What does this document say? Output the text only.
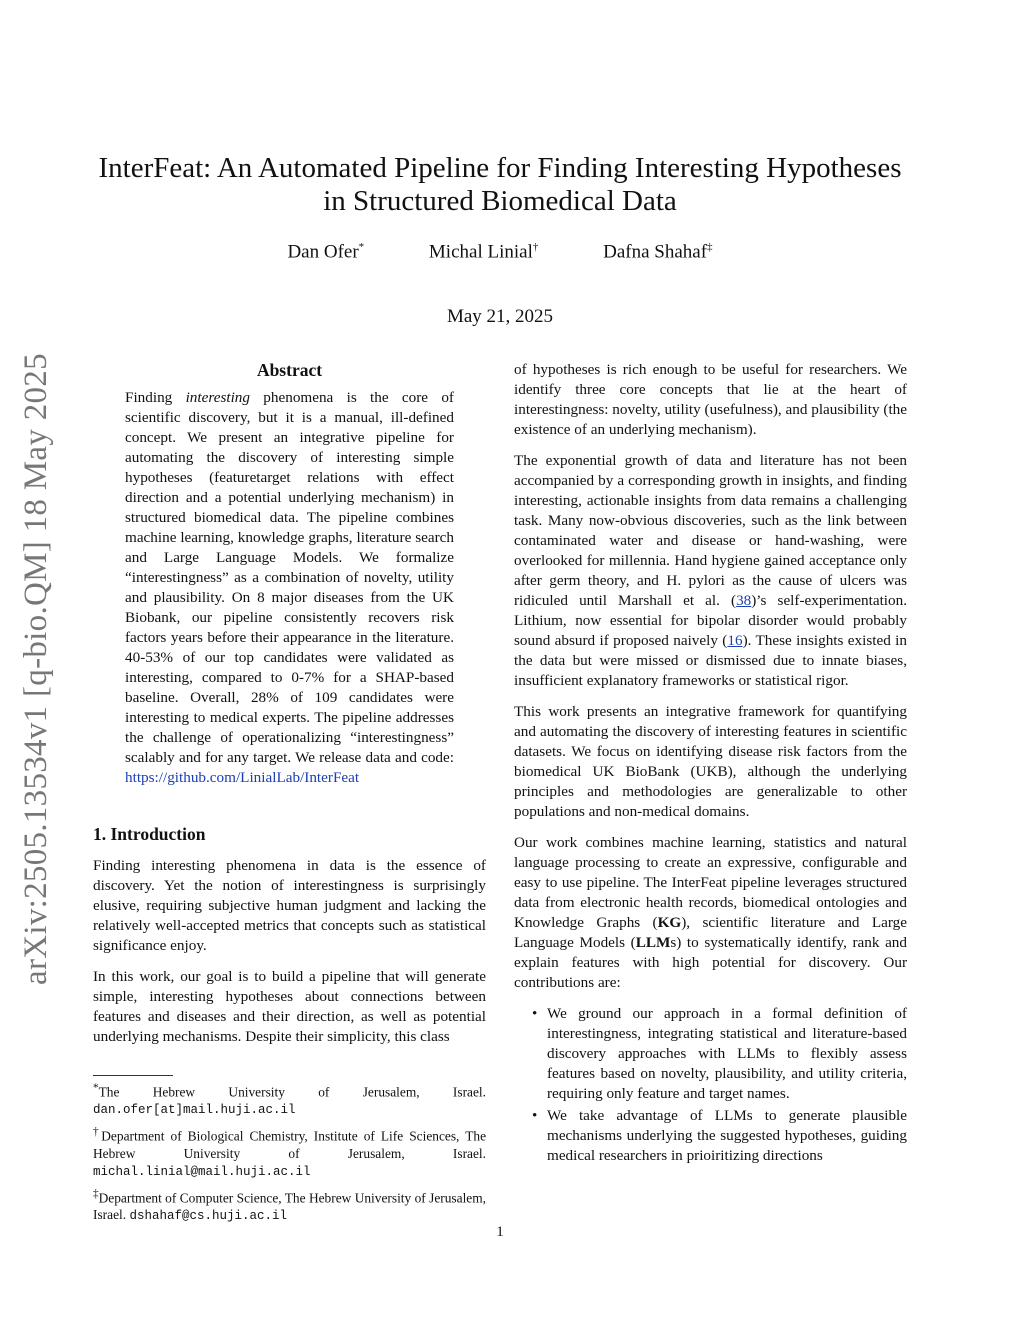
arXiv:2505.13534v1 [q-bio.QM] 18 May 2025
InterFeat: An Automated Pipeline for Finding Interesting Hypotheses
in Structured Biomedical Data
Dan Ofer*	Michal Linial†	Dafna Shahaf‡
May 21, 2025
Abstract

Finding interesting phenomena is the core of scientific discovery, but it is a manual, ill-defined concept. We present an integrative pipeline for automating the discovery of interesting simple hypotheses (featuretarget relations with effect direction and a potential underlying mechanism) in structured biomedical data. The pipeline combines machine learning, knowledge graphs, literature search and Large Language Models. We formalize “interestingness” as a combination of novelty, utility and plausibility. On 8 major diseases from the UK Biobank, our pipeline consistently recovers risk factors years before their appearance in the literature. 40-53% of our top candidates were validated as interesting, compared to 0-7% for a SHAP-based baseline. Overall, 28% of 109 candidates were interesting to medical experts. The pipeline addresses the challenge of operationalizing “interestingness” scalably and for any target. We release data and code: https://github.com/LinialLab/InterFeat

1. Introduction

Finding interesting phenomena in data is the essence of discovery. Yet the notion of interestingness is surprisingly elusive, requiring subjective human judgment and lacking the relatively well-accepted metrics that concepts such as statistical significance enjoy.

In this work, our goal is to build a pipeline that will generate simple, interesting hypotheses about connections between features and diseases and their direction, as well as potential underlying mechanisms. Despite their simplicity, this class

of hypotheses is rich enough to be useful for researchers. We identify three core concepts that lie at the heart of interestingness: novelty, utility (usefulness), and plausibility (the existence of an underlying mechanism).

The exponential growth of data and literature has not been accompanied by a corresponding growth in insights, and finding interesting, actionable insights from data remains a challenging task. Many now-obvious discoveries, such as the link between contaminated water and disease or hand-washing, were overlooked for millennia. Hand hygiene gained acceptance only after germ theory, and H. pylori as the cause of ulcers was ridiculed until Marshall et al. (38)’s self-experimentation. Lithium, now essential for bipolar disorder would probably sound absurd if proposed naively (16). These insights existed in the data but were missed or dismissed due to innate biases, insufficient explanatory frameworks or statistical rigor.

This work presents an integrative framework for quantifying and automating the discovery of interesting features in scientific datasets. We focus on identifying disease risk factors from the biomedical UK BioBank (UKB), although the underlying principles and methodologies are generalizable to other populations and non-medical domains.

Our work combines machine learning, statistics and natural language processing to create an expressive, configurable and easy to use pipeline. The InterFeat pipeline leverages structured data from electronic health records, biomedical ontologies and Knowledge Graphs (KG), scientific literature and Large Language Models (LLMs) to systematically identify, rank and explain features with high potential for discovery. Our contributions are:

• We ground our approach in a formal definition of interestingness, integrating statistical and literature-based discovery approaches with LLMs to flexibly assess features based on novelty, plausibility, and utility criteria, requiring only feature and target names.
• We take advantage of LLMs to generate plausible mechanisms underlying the suggested hypotheses, guiding medical researchers in prioiritizing directions
*The Hebrew University of Jerusalem, Israel. dan.ofer[at]mail.huji.ac.il
†Department of Biological Chemistry, Institute of Life Sciences, The Hebrew University of Jerusalem, Israel. michal.linial@mail.huji.ac.il
‡Department of Computer Science, The Hebrew University of Jerusalem, Israel. dshahaf@cs.huji.ac.il
1
